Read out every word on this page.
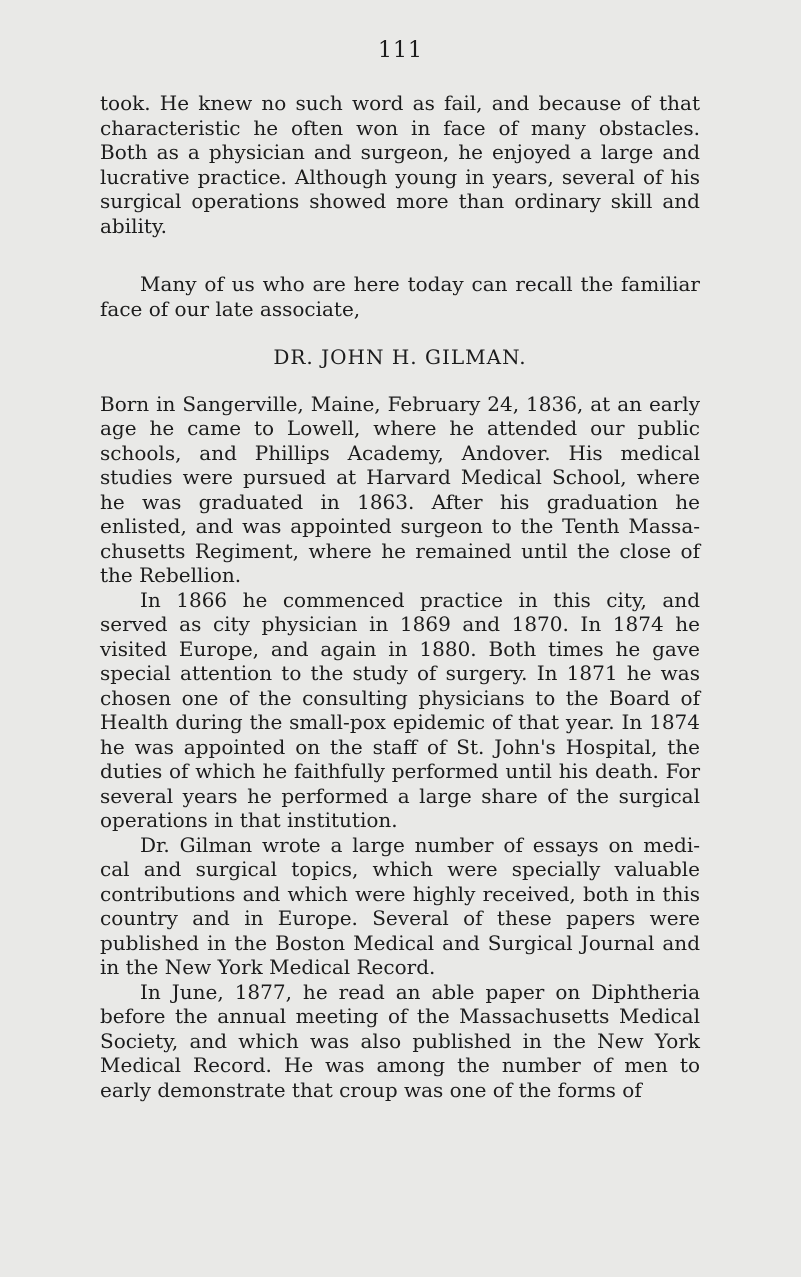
111

took. He knew no such word as fail, and because of that characteristic he often won in face of many obstacles. Both as a physician and surgeon, he enjoyed a large and lucrative practice. Although young in years, several of his surgical operations showed more than ordinary skill and ability.

Many of us who are here today can recall the familiar face of our late associate,

DR. JOHN H. GILMAN.

Born in Sangerville, Maine, February 24, 1836, at an early age he came to Lowell, where he attended our public schools, and Phillips Academy, Andover. His medical studies were pursued at Harvard Medical School, where he was graduated in 1863. After his graduation he enlisted, and was appointed surgeon to the Tenth Massa- chusetts Regiment, where he remained until the close of the Rebellion.

In 1866 he commenced practice in this city, and served as city physician in 1869 and 1870. In 1874 he visited Europe, and again in 1880. Both times he gave special attention to the study of surgery. In 1871 he was chosen one of the consulting physicians to the Board of Health during the small-pox epidemic of that year. In 1874 he was appointed on the staff of St. John's Hospital, the duties of which he faithfully performed until his death. For several years he performed a large share of the surgical operations in that institution.

Dr. Gilman wrote a large number of essays on medi- cal and surgical topics, which were specially valuable contributions and which were highly received, both in this country and in Europe. Several of these papers were published in the Boston Medical and Surgical Journal and in the New York Medical Record.

In June, 1877, he read an able paper on Diphtheria before the annual meeting of the Massachusetts Medical Society, and which was also published in the New York Medical Record. He was among the number of men to early demonstrate that croup was one of the forms of
